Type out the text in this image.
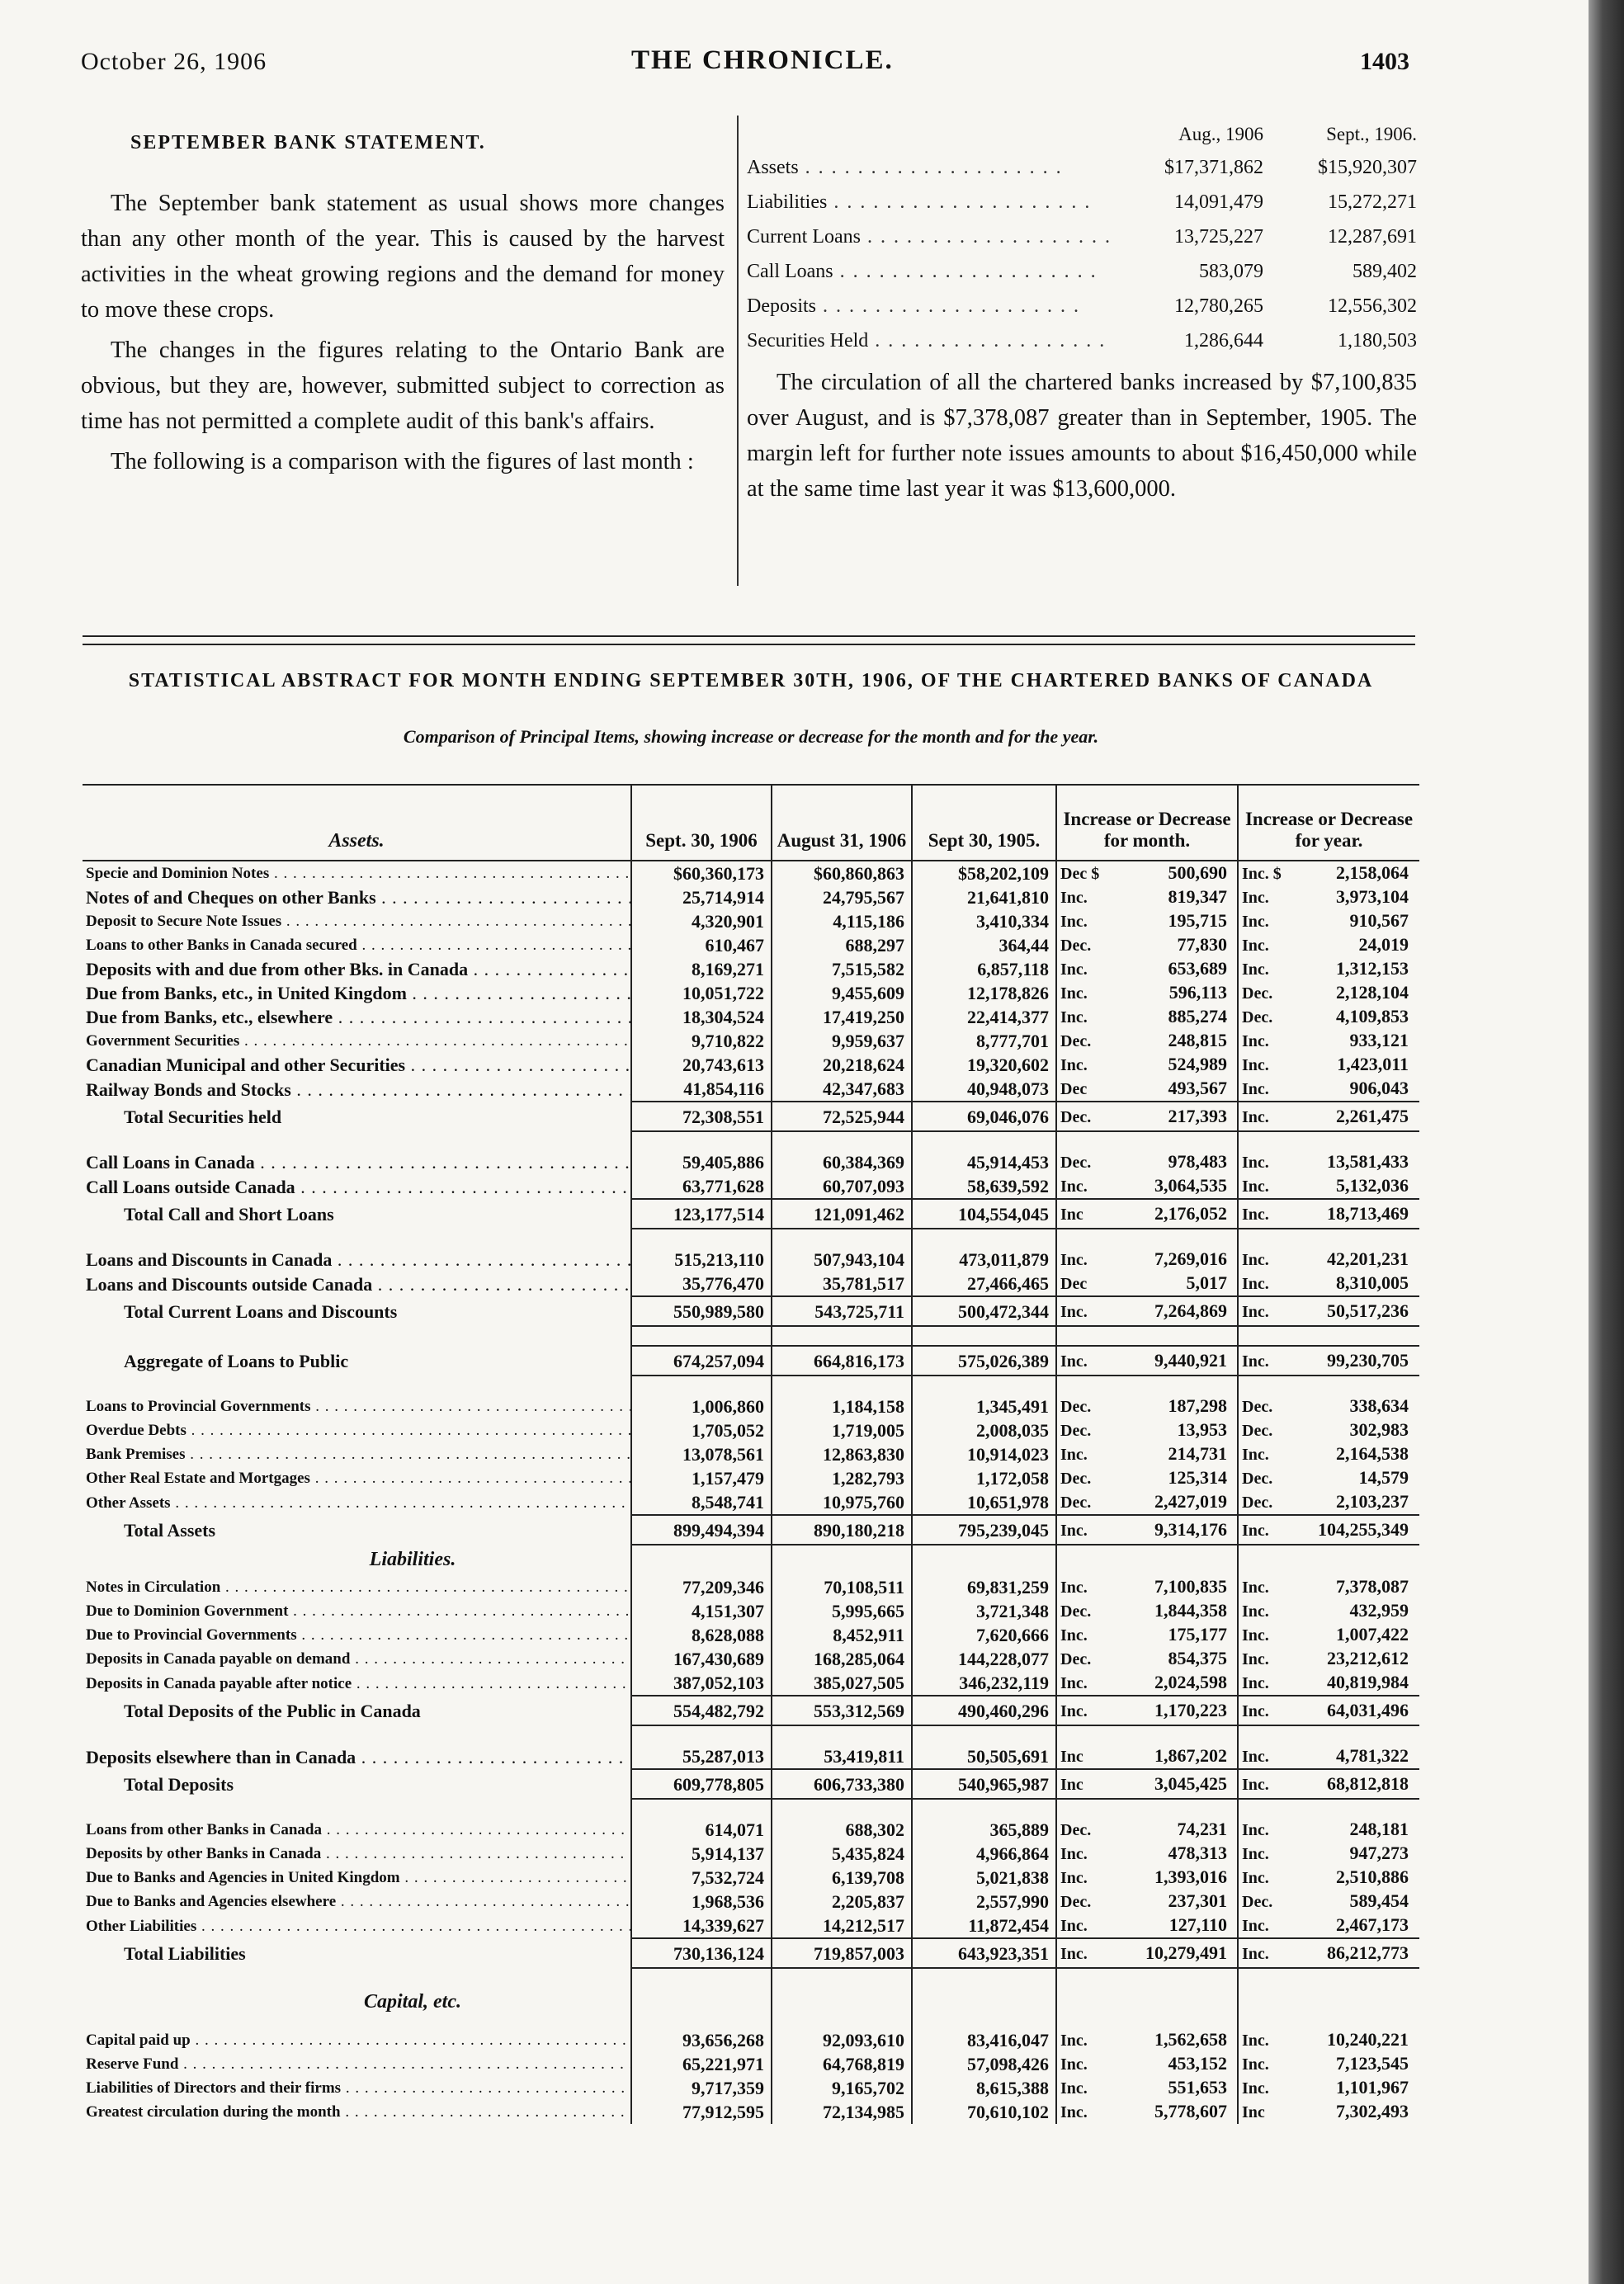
October 26, 1906	THE CHRONICLE.	1403
SEPTEMBER BANK STATEMENT.

The September bank statement as usual shows more changes than any other month of the year. This is caused by the harvest activities in the wheat growing regions and the demand for money to move these crops.

The changes in the figures relating to the Ontario Bank are obvious, but they are, however, submitted subject to correction as time has not permitted a complete audit of this bank's affairs.

The following is a comparison with the figures of last month :

	Aug., 1906	Sept., 1906.

Assets . . .	$17,371,862	$15,920,307

Liabilities . . .	14,091,479	15,272,271

Current Loans . . .	13,725,227	12,287,691

Call Loans . . .	583,079	589,402

Deposits . . .	12,780,265	12,556,302

Securities Held . . .	1,286,644	1,180,503

The circulation of all the chartered banks increased by $7,100,835 over August, and is $7,378,087 greater than in September, 1905. The margin left for further note issues amounts to about $16,450,000 while at the same time last year it was $13,600,000.

STATISTICAL ABSTRACT FOR MONTH ENDING SEPTEMBER 30TH, 1906, OF THE CHARTERED BANKS OF CANADA
Comparison of Principal Items, showing increase or decrease for the month and for the year.
Assets.	Sept. 30, 1906	August 31, 1906	Sept 30, 1905.	Increase or Decrease for month.	Increase or Decrease for year.
Specie and Dominion Notes . . .	$60,360,173	$60,860,863	$58,202,109	Dec $ 500,690	Inc. $ 2,158,064
Notes of and Cheques on other Banks . . .	25,714,914	24,795,567	21,641,810	Inc. 819,347	Inc. 3,973,104
Deposit to Secure Note Issues . . .	4,320,901	4,115,186	3,410,334	Inc. 195,715	Inc. 910,567
Loans to other Banks in Canada secured . . .	610,467	688,297	364,44	Dec. 77,830	Inc. 24,019
Deposits with and due from other Bks. in Canada . . .	8,169,271	7,515,582	6,857,118	Inc. 653,689	Inc. 1,312,153
Due from Banks, etc., in United Kingdom . . .	10,051,722	9,455,609	12,178,826	Inc. 596,113	Dec. 2,128,104
Due from Banks, etc., elsewhere . . .	18,304,524	17,419,250	22,414,377	Inc. 885,274	Dec. 4,109,853
Government Securities . . .	9,710,822	9,959,637	8,777,701	Dec. 248,815	Inc. 933,121
Canadian Municipal and other Securities . . .	20,743,613	20,218,624	19,320,602	Inc. 524,989	Inc. 1,423,011
Railway Bonds and Stocks . . .	41,854,116	42,347,683	40,948,073	Dec 493,567	Inc. 906,043
Total Securities held	72,308,551	72,525,944	69,046,076	Dec. 217,393	Inc. 2,261,475

Call Loans in Canada . . .	59,405,886	60,384,369	45,914,453	Dec. 978,483	Inc. 13,581,433
Call Loans outside Canada . . .	63,771,628	60,707,093	58,639,592	Inc. 3,064,535	Inc. 5,132,036
Total Call and Short Loans	123,177,514	121,091,462	104,554,045	Inc 2,176,052	Inc. 18,713,469

Loans and Discounts in Canada . . .	515,213,110	507,943,104	473,011,879	Inc. 7,269,016	Inc. 42,201,231
Loans and Discounts outside Canada . . .	35,776,470	35,781,517	27,466,465	Dec 5,017	Inc. 8,310,005
Total Current Loans and Discounts	550,989,580	543,725,711	500,472,344	Inc. 7,264,869	Inc. 50,517,236

Aggregate of Loans to Public	674,257,094	664,816,173	575,026,389	Inc. 9,440,921	Inc. 99,230,705

Loans to Provincial Governments . . .	1,006,860	1,184,158	1,345,491	Dec. 187,298	Dec. 338,634
Overdue Debts . . .	1,705,052	1,719,005	2,008,035	Dec. 13,953	Dec. 302,983
Bank Premises . . .	13,078,561	12,863,830	10,914,023	Inc. 214,731	Inc. 2,164,538
Other Real Estate and Mortgages . . .	1,157,479	1,282,793	1,172,058	Dec. 125,314	Dec. 14,579
Other Assets . . .	8,548,741	10,975,760	10,651,978	Dec. 2,427,019	Dec. 2,103,237
Total Assets	899,494,394	890,180,218	795,239,045	Inc. 9,314,176	Inc. 104,255,349
Liabilities.					
Notes in Circulation . . .	77,209,346	70,108,511	69,831,259	Inc. 7,100,835	Inc. 7,378,087
Due to Dominion Government . . .	4,151,307	5,995,665	3,721,348	Dec. 1,844,358	Inc. 432,959
Due to Provincial Governments . . .	8,628,088	8,452,911	7,620,666	Inc. 175,177	Inc. 1,007,422
Deposits in Canada payable on demand . . .	167,430,689	168,285,064	144,228,077	Dec. 854,375	Inc. 23,212,612
Deposits in Canada payable after notice . . .	387,052,103	385,027,505	346,232,119	Inc. 2,024,598	Inc. 40,819,984
Total Deposits of the Public in Canada	554,482,792	553,312,569	490,460,296	Inc. 1,170,223	Inc. 64,031,496

Deposits elsewhere than in Canada . . .	55,287,013	53,419,811	50,505,691	Inc 1,867,202	Inc. 4,781,322
Total Deposits	609,778,805	606,733,380	540,965,987	Inc 3,045,425	Inc. 68,812,818

Loans from other Banks in Canada . . .	614,071	688,302	365,889	Dec. 74,231	Inc. 248,181
Deposits by other Banks in Canada . . .	5,914,137	5,435,824	4,966,864	Inc. 478,313	Inc. 947,273
Due to Banks and Agencies in United Kingdom . . .	7,532,724	6,139,708	5,021,838	Inc. 1,393,016	Inc. 2,510,886
Due to Banks and Agencies elsewhere . . .	1,968,536	2,205,837	2,557,990	Dec. 237,301	Dec. 589,454
Other Liabilities . . .	14,339,627	14,212,517	11,872,454	Inc. 127,110	Inc. 2,467,173
Total Liabilities	730,136,124	719,857,003	643,923,351	Inc. 10,279,491	Inc. 86,212,773

Capital, etc.					

Capital paid up . . .	93,656,268	92,093,610	83,416,047	Inc. 1,562,658	Inc. 10,240,221
Reserve Fund . . .	65,221,971	64,768,819	57,098,426	Inc. 453,152	Inc. 7,123,545
Liabilities of Directors and their firms . . .	9,717,359	9,165,702	8,615,388	Inc. 551,653	Inc. 1,101,967
Greatest circulation during the month . . .	77,912,595	72,134,985	70,610,102	Inc. 5,778,607	Inc 7,302,493
